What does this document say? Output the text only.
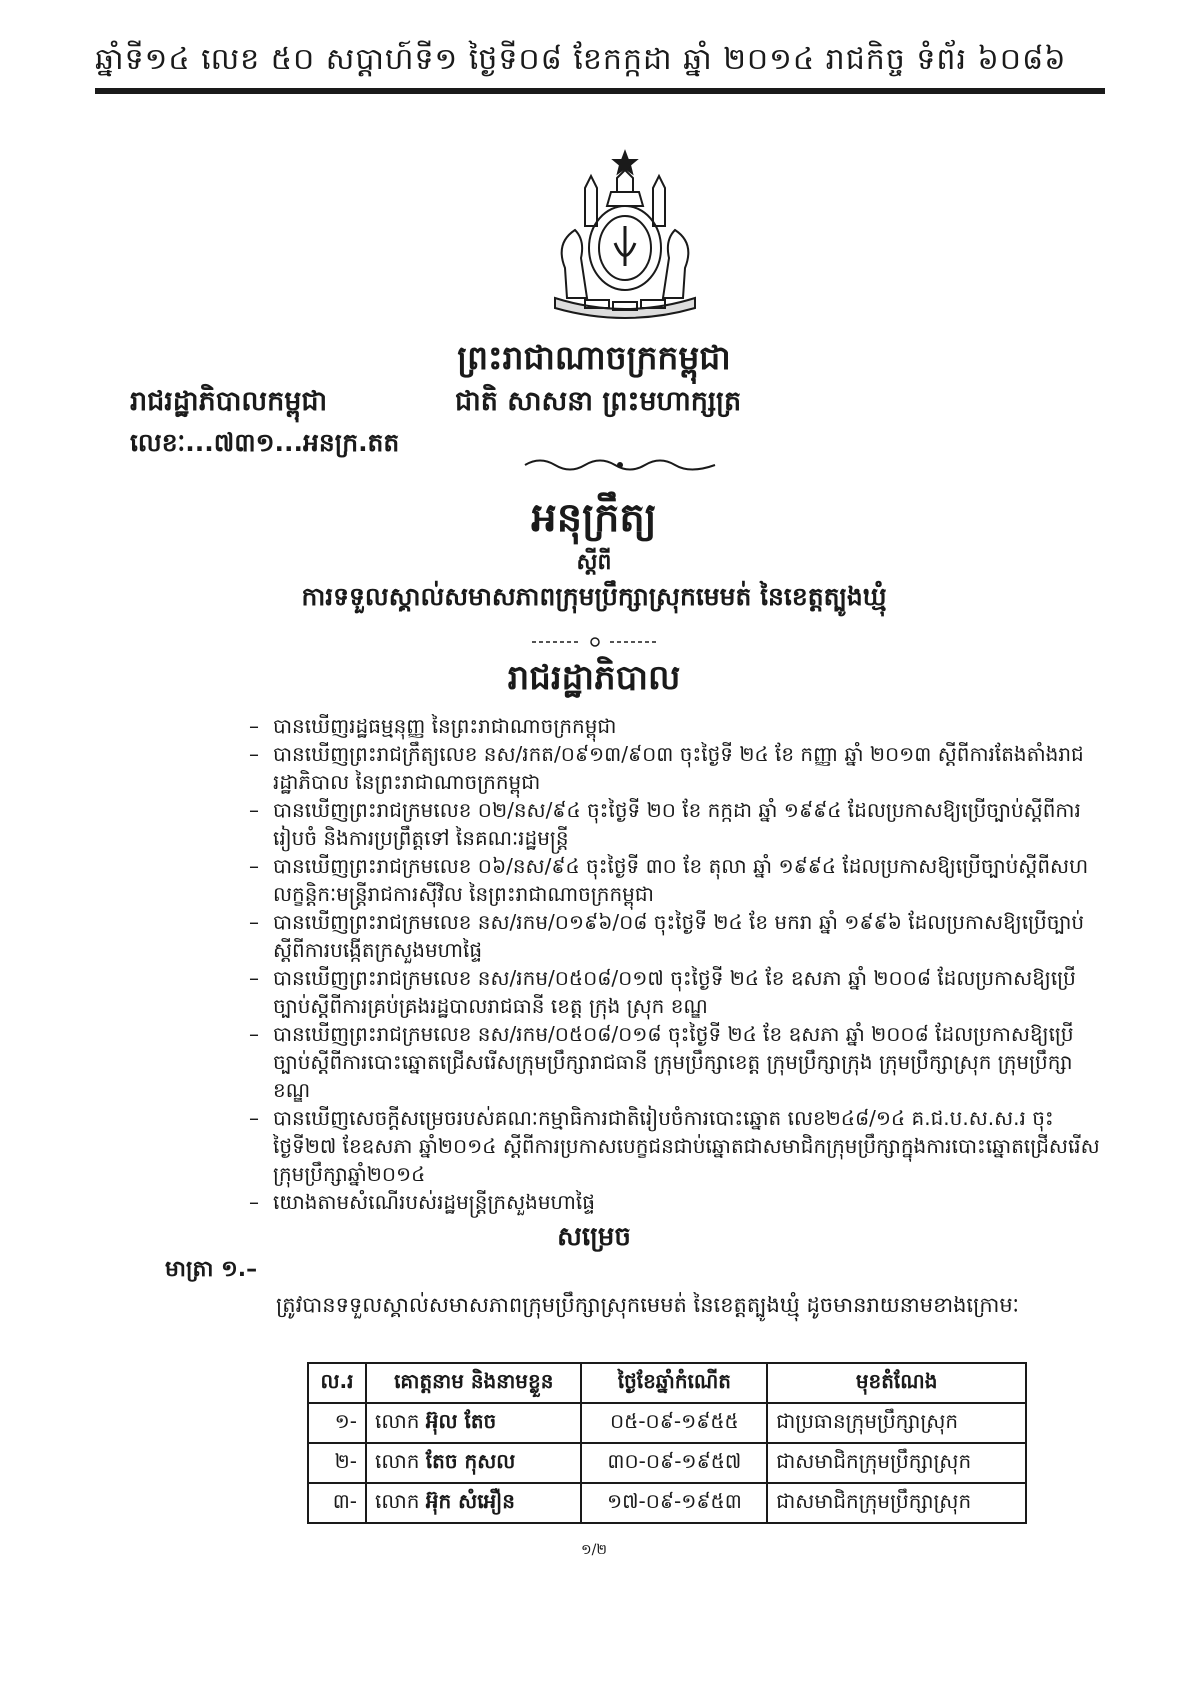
ឆ្នាំទី១៤ លេខ ៥០ សប្ដាហ៍ទី១ ថ្ងៃទី០៨ ខែកក្កដា ឆ្នាំ ២០១៤ រាជកិច្ច ទំព័រ ៦០៨៦
ព្រះរាជាណាចក្រកម្ពុជា
រាជរដ្ឋាភិបាលកម្ពុជា	ជាតិ សាសនា ព្រះមហាក្សត្រ
លេខៈ...៧៣១...អនក្រ.តត
អនុក្រឹត្យ
ស្ដីពី
ការទទួលស្គាល់សមាសភាពក្រុមប្រឹក្សាស្រុកមេមត់ នៃខេត្តត្បូងឃ្មុំ
រាជរដ្ឋាភិបាល
– បានឃើញរដ្ឋធម្មនុញ្ញ នៃព្រះរាជាណាចក្រកម្ពុជា
– បានឃើញព្រះរាជក្រឹត្យលេខ នស/រកត/០៩១៣/៩០៣ ចុះថ្ងៃទី ២៤ ខែ កញ្ញា ឆ្នាំ ២០១៣ ស្ដីពីការតែងតាំងរាជរដ្ឋាភិបាល នៃព្រះរាជាណាចក្រកម្ពុជា
– បានឃើញព្រះរាជក្រមលេខ ០២/នស/៩៤ ចុះថ្ងៃទី ២០ ខែ កក្កដា ឆ្នាំ ១៩៩៤ ដែលប្រកាសឱ្យប្រើច្បាប់ស្ដីពីការរៀបចំ និងការប្រព្រឹត្តទៅ នៃគណៈរដ្ឋមន្ត្រី
– បានឃើញព្រះរាជក្រមលេខ ០៦/នស/៩៤ ចុះថ្ងៃទី ៣០ ខែ តុលា ឆ្នាំ ១៩៩៤ ដែលប្រកាសឱ្យប្រើច្បាប់ស្ដីពីសហលក្ខន្តិកៈមន្ត្រីរាជការស៊ីវិល នៃព្រះរាជាណាចក្រកម្ពុជា
– បានឃើញព្រះរាជក្រមលេខ នស/រកម/០១៩៦/០៨ ចុះថ្ងៃទី ២៤ ខែ មករា ឆ្នាំ ១៩៩៦ ដែលប្រកាសឱ្យប្រើច្បាប់ស្ដីពីការបង្កើតក្រសួងមហាផ្ទៃ
– បានឃើញព្រះរាជក្រមលេខ នស/រកម/០៥០៨/០១៧ ចុះថ្ងៃទី ២៤ ខែ ឧសភា ឆ្នាំ ២០០៨ ដែលប្រកាសឱ្យប្រើច្បាប់ស្ដីពីការគ្រប់គ្រងរដ្ឋបាលរាជធានី ខេត្ត ក្រុង ស្រុក ខណ្ឌ
– បានឃើញព្រះរាជក្រមលេខ នស/រកម/០៥០៨/០១៨ ចុះថ្ងៃទី ២៤ ខែ ឧសភា ឆ្នាំ ២០០៨ ដែលប្រកាសឱ្យប្រើច្បាប់ស្ដីពីការបោះឆ្នោតជ្រើសរើសក្រុមប្រឹក្សារាជធានី ក្រុមប្រឹក្សាខេត្ត ក្រុមប្រឹក្សាក្រុង ក្រុមប្រឹក្សាស្រុក ក្រុមប្រឹក្សាខណ្ឌ
– បានឃើញសេចក្ដីសម្រេចរបស់គណៈកម្មាធិការជាតិរៀបចំការបោះឆ្នោត លេខ២៤៨/១៤ គ.ជ.ប.ស.ស.រ ចុះថ្ងៃទី២៧ ខែឧសភា ឆ្នាំ២០១៤ ស្ដីពីការប្រកាសបេក្ខជនជាប់ឆ្នោតជាសមាជិកក្រុមប្រឹក្សាក្នុងការបោះឆ្នោតជ្រើសរើសក្រុមប្រឹក្សាឆ្នាំ២០១៤
– យោងតាមសំណើរបស់រដ្ឋមន្ត្រីក្រសួងមហាផ្ទៃ
សម្រេច
មាត្រា ១.–
ត្រូវបានទទួលស្គាល់សមាសភាពក្រុមប្រឹក្សាស្រុកមេមត់ នៃខេត្តត្បូងឃ្មុំ ដូចមានរាយនាមខាងក្រោមៈ
ល.រ	គោត្តនាម និងនាមខ្លួន	ថ្ងៃខែឆ្នាំកំណើត	មុខតំណែង
១-	លោក អ៊ុល តែច	០៥-០៩-១៩៥៥	ជាប្រធានក្រុមប្រឹក្សាស្រុក
២-	លោក តែច កុសល	៣០-០៩-១៩៥៧	ជាសមាជិកក្រុមប្រឹក្សាស្រុក
៣-	លោក អ៊ុក សំអឿន	១៧-០៩-១៩៥៣	ជាសមាជិកក្រុមប្រឹក្សាស្រុក
១/២
